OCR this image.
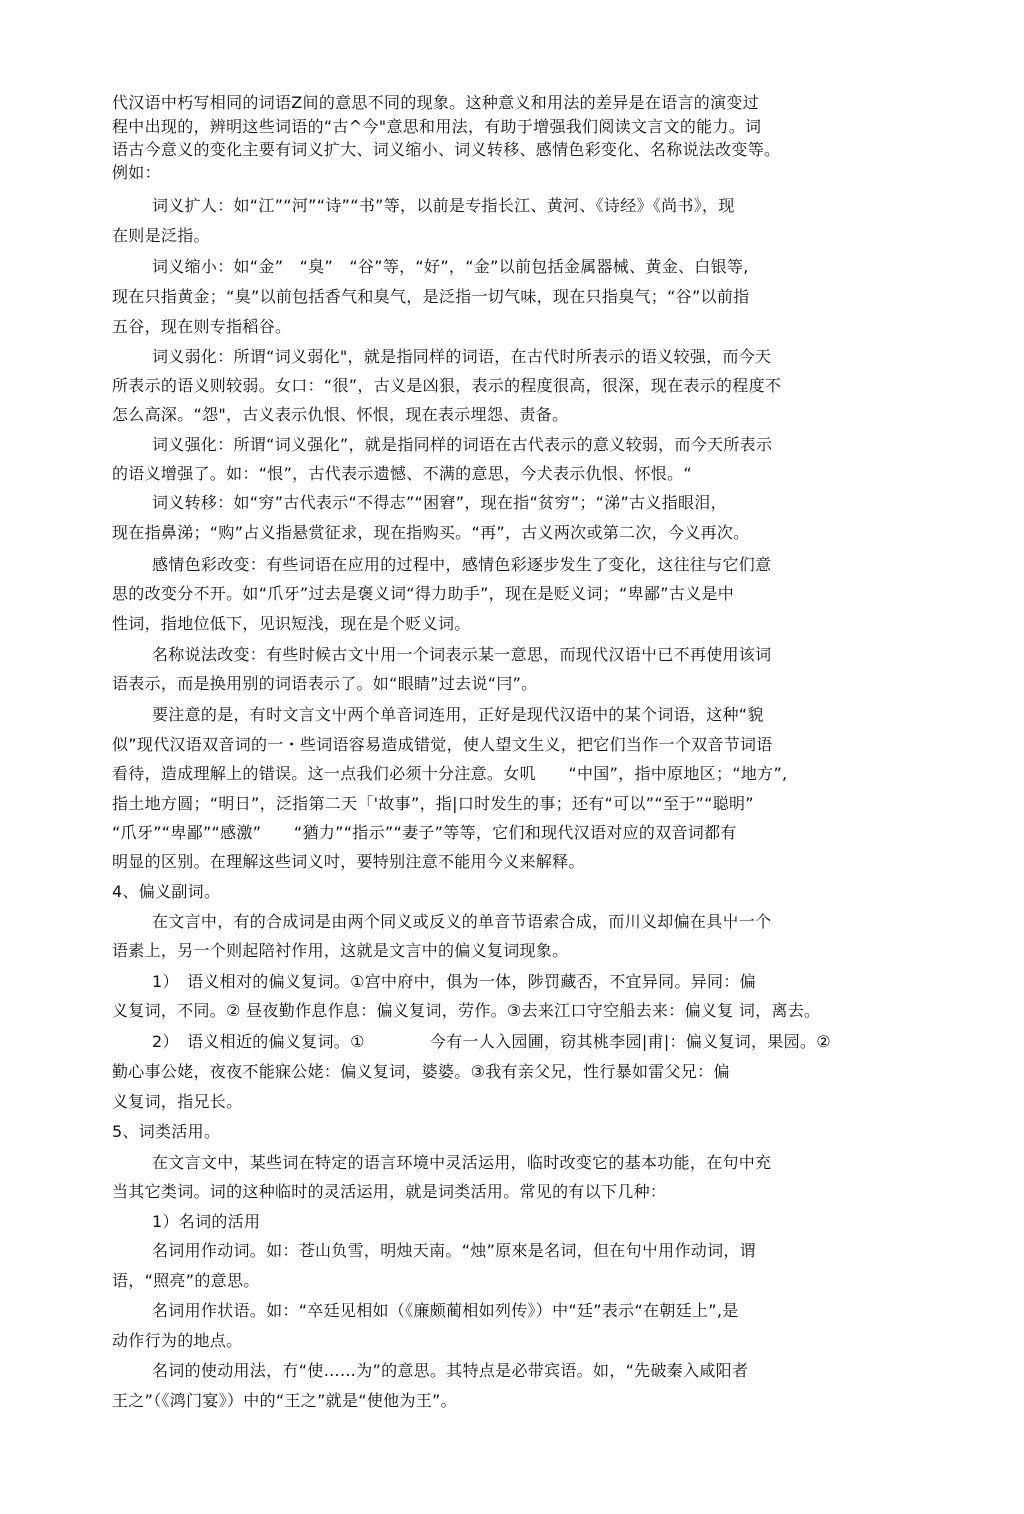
代汉语中朽写相同的词语Z间的意思不同的现象。这种意义和用法的差异是在语言的演变过

程中出现的，辨明这些词语的“古^今"意思和用法，有助于增强我们阅读文言文的能力。词

语古今意义的变化主要有词义扩大、词义缩小、词义转移、感情色彩变化、名称说法改变等。

例如：

词义扩人：如“江”“河”“诗”“书”等，以前是专指长江、黄河、《诗经》《尚书》，现

在则是泛指。

词义缩小：如“金”　“臭”　“谷”等，“好”，“金”以前包括金属器械、黄金、白银等,

现在只指黄金；“臭”以前包括香气和臭气，是泛指一切气味，现在只指臭气；“谷”以前指

五谷，现在则专指稻谷。

词义弱化：所谓“词义弱化"，就是指同样的词语，在古代时所表示的语义较强，而今天

所表示的语义则较弱。女口：“很”，古义是凶狠，表示的程度很高，很深，现在表示的程度不

怎么高深。“怨"，古义表示仇恨、怀恨，现在表示埋怨、责备。

词义强化：所谓“词义强化”，就是指同样的词语在古代表示的意义较弱，而今天所表示

的语义增强了。如：“恨”，古代表示遗憾、不满的意思，今犬表示仇恨、怀恨。“

词义转移：如“穷”古代表示“不得志”“困窘”，现在指“贫穷”；“涕”古义指眼泪，

现在指鼻涕；“购”占义指悬赏征求，现在指购买。“再”，古义两次或第二次，今义再次。

感情色彩改变：有些词语在应用的过程中，感情色彩逐步发生了变化，这往往与它们意

思的改变分不开。如“爪牙”过去是褒义词“得力助手”，现在是贬义词；“卑鄙”古义是中

性词，指地位低下，见识短浅，现在是个贬义词。

名称说法改变：有些时候古文屮用一个词表示某一意思，而现代汉语屮已不再使用该词

语表示，而是换用别的词语表示了。如“眼睛”过去说“冃”。

要注意的是，有时文言文屮两个单音词连用，正好是现代汉语中的某个词语，这种“貌

似”现代汉语双音词的一・些词语容易造成错觉，使人望文生义，把它们当作一个双音节词语

看待，造成理解上的错误。这一点我们必须十分注意。女叽　　“中国”，指中原地区；“地方”,

指土地方圆；“明日”，泛指第二天「'故事”，指|口时发生的事；还有“可以”“至于”“聪明”

“爪牙”“卑鄙”“感激”　　“猶力”“指示”“妻子”等等，它们和现代汉语对应的双音词都有

明显的区别。在理解这些词义吋，要特别注意不能用今义来解释。

4、偏义副词。

在文言中，有的合成词是由两个同义或反义的单音节语索合成，而川义却偏在具屮一个

语素上，另一个则起陪衬作用，这就是文言中的偏义复词现象。

1）　语义相对的偏义复词。①宫中府中，俱为一体，陟罚藏否，不宜异同。异同：偏

义复词，不同。② 昼夜勤作息作息：偏义复词，劳作。③去来江口守空船去来：偏义复 词，离去。

2）　语义相近的偏义复词。①　　　　今有一人入园圃，窃其桃李园|甫|：偏义复词，果园。②

勤心事公姥，夜夜不能寐公姥：偏义复词，婆婆。③我有亲父兄，性行暴如雷父兄：偏

义复词，指兄长。

5、词类活用。

在文言文中，某些词在特定的语言环境中灵活运用，临时改变它的基本功能，在句中充

当其它类词。词的这种临时的灵活运用，就是词类活用。常见的有以下几种：

1）名词的活用

名词用作动词。如：苍山负雪，明烛天南。“烛”原來是名词，但在句屮用作动词，谓

语，“照亮”的意思。

名词用作状语。如：“卒廷见相如（《廉颇蔺相如列传》）中“廷”表示“在朝廷上”,是

动作行为的地点。

名词的使动用法，冇“使……为”的意思。其特点是必带宾语。如，“先破秦入咸阳者

王之”（《鸿门宴》）中的“王之”就是“使他为王”。
